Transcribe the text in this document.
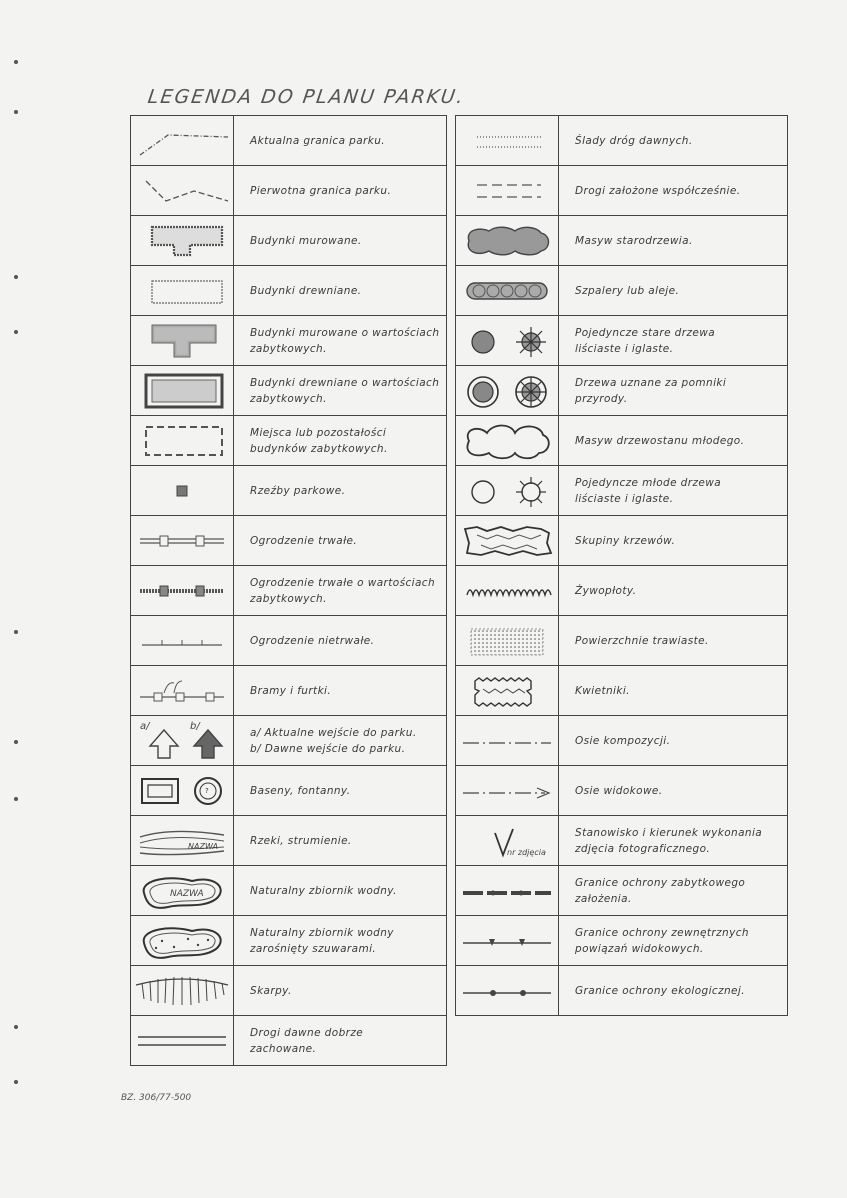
LEGENDA DO PLANU PARKU.
	Aktualna granica parku.

	Pierwotna granica parku.

	Budynki murowane.

	Budynki drewniane.

	Budynki murowane o wartościach
zabytkowych.

	Budynki drewniane o wartościach
zabytkowych.

	Miejsca lub pozostałości
budynków zabytkowych.

	Rzeźby parkowe.

	Ogrodzenie trwałe.

	Ogrodzenie trwałe o wartościach
zabytkowych.

	Ogrodzenie nietrwałe.

	Bramy i furtki.

a/ b/	a/ Aktualne wejście do parku.
b/ Dawne wejście do parku.

?	Baseny, fontanny.

NAZWA	Rzeki, strumienie.

NAZWA	Naturalny zbiornik wodny.

	Naturalny zbiornik wodny
zarośnięty szuwarami.

	Skarpy.

	Drogi dawne dobrze
zachowane.
	Ślady dróg dawnych.

	Drogi założone współcześnie.

	Masyw starodrzewia.

	Szpalery lub aleje.

	Pojedyncze stare drzewa
liściaste i iglaste.

	Drzewa uznane za pomniki
przyrody.

	Masyw drzewostanu młodego.

	Pojedyncze młode drzewa
liściaste i iglaste.

	Skupiny krzewów.

	Żywopłoty.

	Powierzchnie trawiaste.

	Kwietniki.

	Osie kompozycji.

	Osie widokowe.

nr zdjęcia	Stanowisko i kierunek wykonania
zdjęcia fotograficznego.

	Granice ochrony zabytkowego
założenia.

	Granice ochrony zewnętrznych
powiązań widokowych.

	Granice ochrony ekologicznej.
BZ. 306/77-500
